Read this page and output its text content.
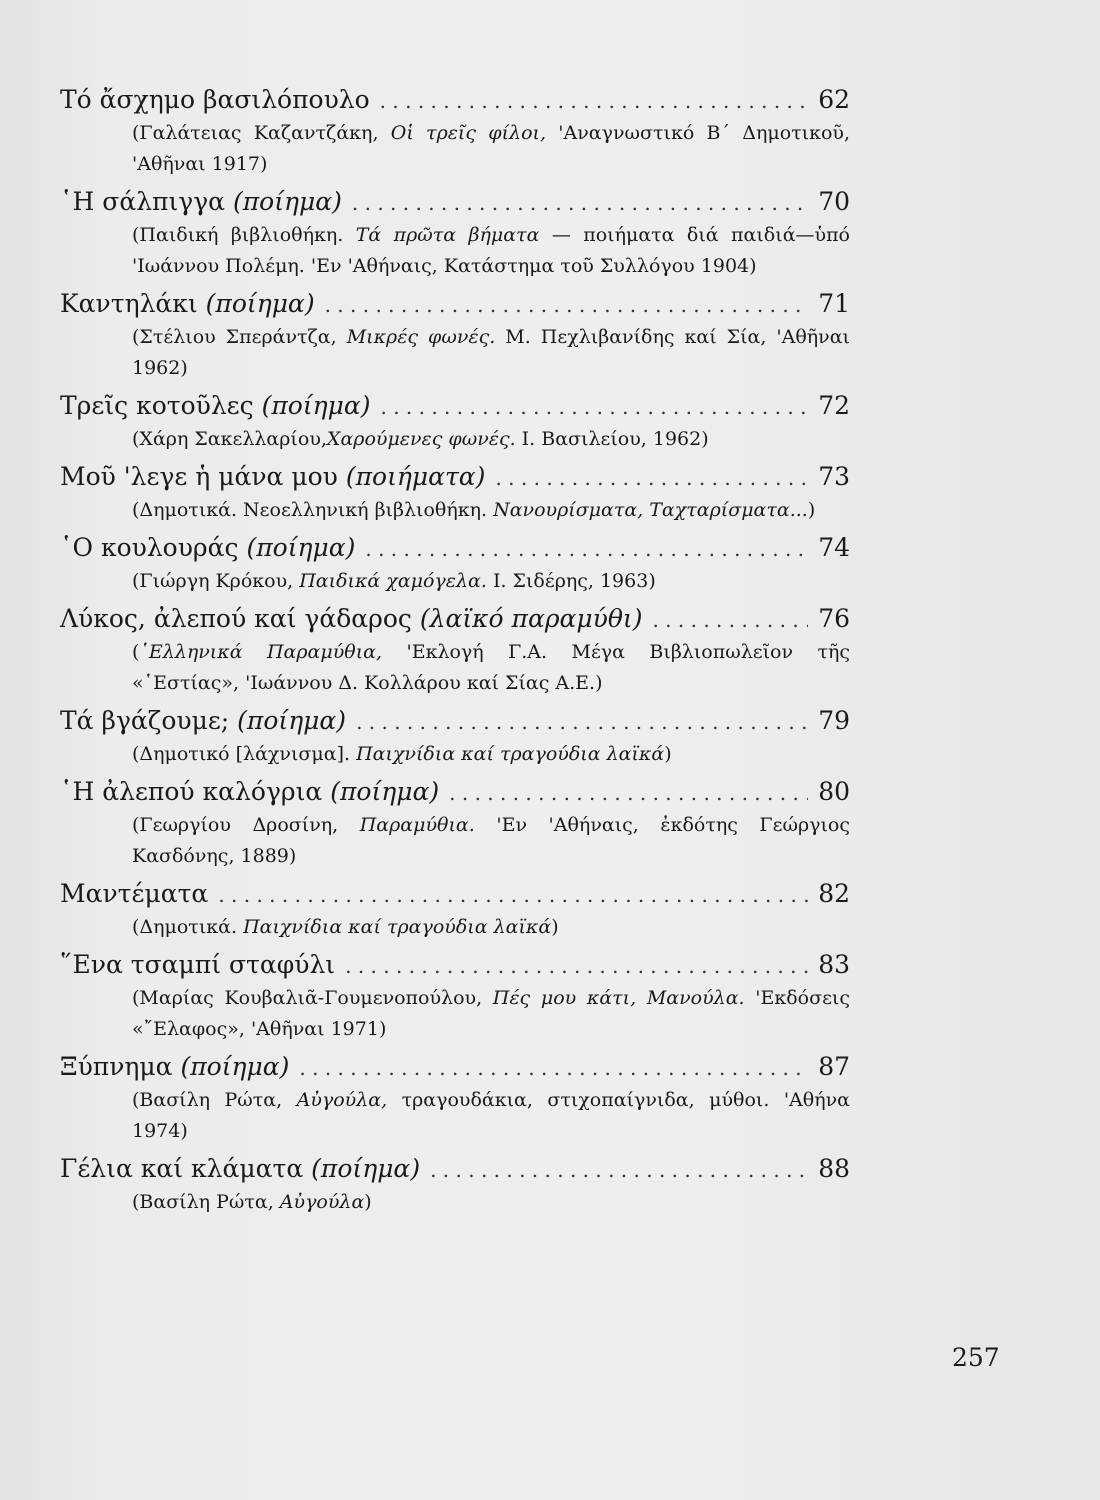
Τό ἄσχημο βασιλόπουλο . . .	62
(Γαλάτειας Καζαντζάκη, Οἱ τρεῖς φίλοι, 'Αναγνωστικό Β΄ Δημοτικοῦ, 'Αθῆναι 1917)
῾Η σάλπιγγα (ποίημα) . . .	70
(Παιδική βιβλιοθήκη. Τά πρῶτα βήματα — ποιήματα διά παιδιά—ὑπό 'Ιωάννου Πολέμη. 'Εν 'Αθήναις, Κατάστημα τοῦ Συλλόγου 1904)
Καντηλάκι (ποίημα) . . .	71
(Στέλιου Σπεράντζα, Μικρές φωνές. Μ. Πεχλιβανίδης καί Σία, 'Αθῆναι 1962)
Τρεῖς κοτοῦλες (ποίημα) . . .	72
(Χάρη Σακελλαρίου,Χαρούμενες φωνές. Ι. Βασιλείου, 1962)
Μοῦ 'λεγε ἡ μάνα μου (ποιήματα) . . .	73
(Δημοτικά. Νεοελληνική βιβλιοθήκη. Νανουρίσματα, Ταχταρίσματα...)
῾Ο κουλουράς (ποίημα) . . .	74
(Γιώργη Κρόκου, Παιδικά χαμόγελα. Ι. Σιδέρης, 1963)
Λύκος, ἀλεπού καί γάδαρος (λαϊκό παραμύθι) . . .	76
(῾Ελληνικά Παραμύθια, 'Εκλογή Γ.Α. Μέγα Βιβλιοπωλεῖον τῆς «῾Εστίας», 'Ιωάννου Δ. Κολλάρου καί Σίας Α.Ε.)
Τά βγάζουμε; (ποίημα) . . .	79
(Δημοτικό [λάχνισμα]. Παιχνίδια καί τραγούδια λαϊκά)
῾Η ἀλεπού καλόγρια (ποίημα) . . .	80
(Γεωργίου Δροσίνη, Παραμύθια. 'Εν 'Αθήναις, ἐκδότης Γεώργιος Κασδόνης, 1889)
Μαντέματα . . .	82
(Δημοτικά. Παιχνίδια καί τραγούδια λαϊκά)
῞Ενα τσαμπί σταφύλι . . .	83
(Μαρίας Κουβαλιᾶ-Γουμενοπούλου, Πές μου κάτι, Μανούλα. 'Εκδόσεις «῎Ελαφος», 'Αθῆναι 1971)
Ξύπνημα (ποίημα) . . .	87
(Βασίλη Ρώτα, Αὐγούλα, τραγουδάκια, στιχοπαίγνιδα, μύθοι. 'Αθήνα 1974)
Γέλια καί κλάματα (ποίημα) . . .	88
(Βασίλη Ρώτα, Αὐγούλα)
257
